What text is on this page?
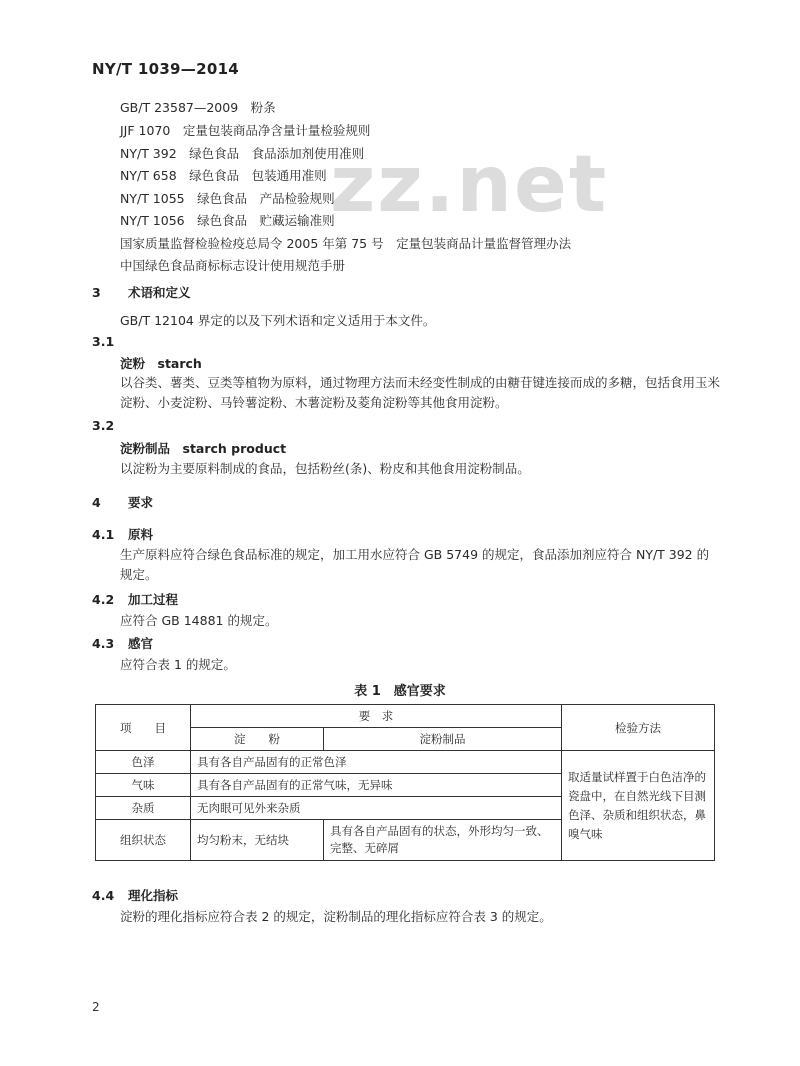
NY/T 1039—2014
zz.net
GB/T 23587—2009　粉条
JJF 1070　定量包装商品净含量计量检验规则
NY/T 392　绿色食品　食品添加剂使用准则
NY/T 658　绿色食品　包装通用准则
NY/T 1055　绿色食品　产品检验规则
NY/T 1056　绿色食品　贮藏运输准则
国家质量监督检验检疫总局令 2005 年第 75 号　定量包装商品计量监督管理办法
中国绿色食品商标标志设计使用规范手册
3 术语和定义
GB/T 12104 界定的以及下列术语和定义适用于本文件。
3.1
淀粉　starch
以谷类、薯类、豆类等植物为原料，通过物理方法而未经变性制成的由糖苷键连接而成的多糖，包括食用玉米淀粉、小麦淀粉、马铃薯淀粉、木薯淀粉及菱角淀粉等其他食用淀粉。
3.2
淀粉制品　starch product
以淀粉为主要原料制成的食品，包括粉丝(条)、粉皮和其他食用淀粉制品。
4 要求
4.1 原料
生产原料应符合绿色食品标准的规定，加工用水应符合 GB 5749 的规定，食品添加剂应符合 NY/T 392 的规定。
4.2 加工过程
应符合 GB 14881 的规定。
4.3 感官
应符合表 1 的规定。
表 1　感官要求
项　　目	要　求		检验方法
	淀　　粉	淀粉制品	
色泽	具有各自产品固有的正常色泽		取适量试样置于白色洁净的瓷盘中，在自然光线下目测色泽、杂质和组织状态，鼻嗅气味
气味	具有各自产品固有的正常气味，无异味		
杂质	无肉眼可见外来杂质		
组织状态	均匀粉末，无结块	具有各自产品固有的状态，外形均匀一致、完整、无碎屑	
4.4 理化指标
淀粉的理化指标应符合表 2 的规定，淀粉制品的理化指标应符合表 3 的规定。
2
